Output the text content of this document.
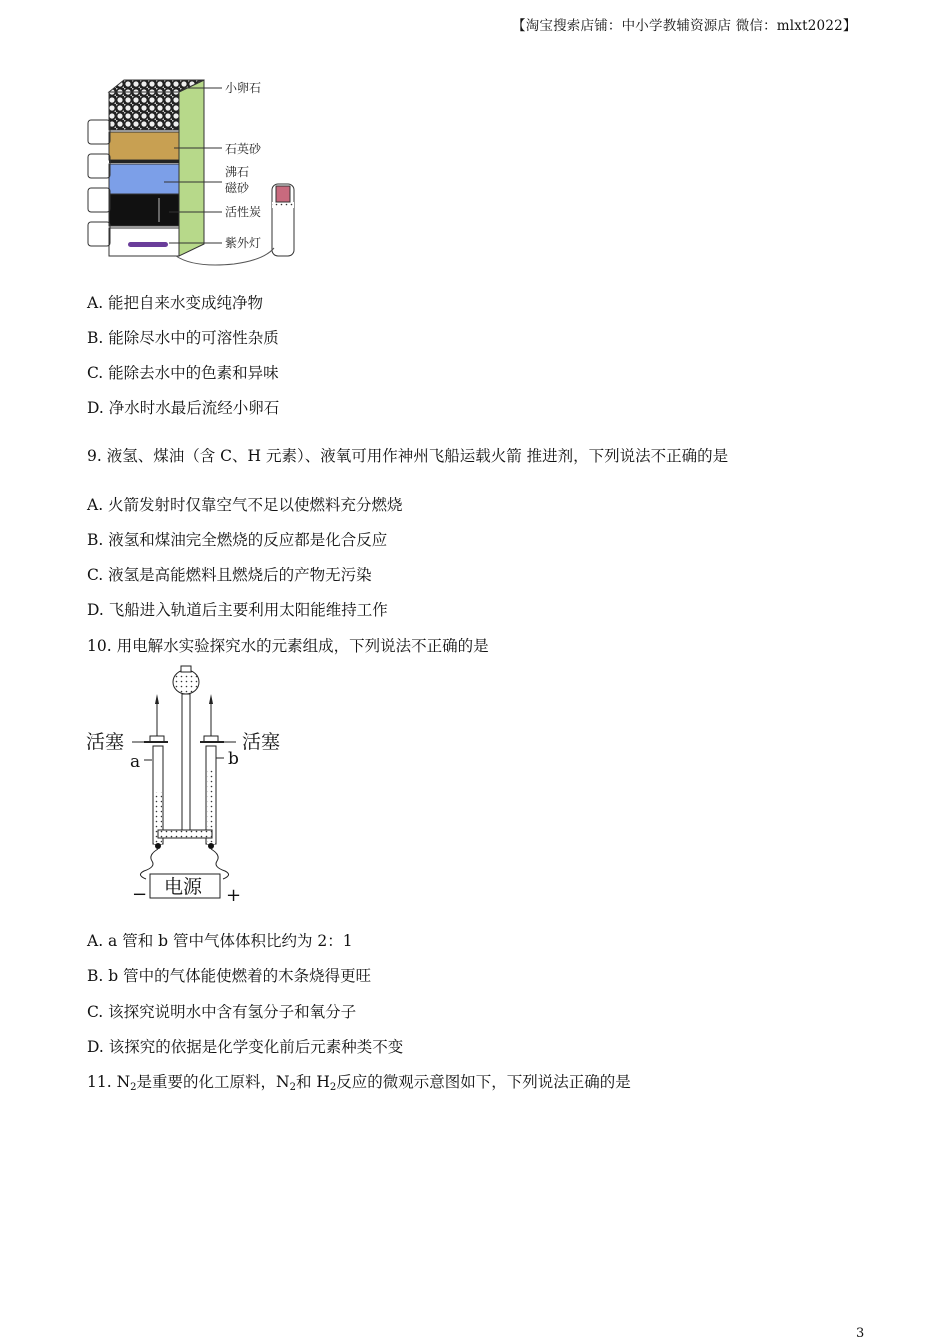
【淘宝搜索店铺：中小学教辅资源店 微信：mlxt2022】
小卵石
石英砂
沸石
磁砂
活性炭
紫外灯
A. 能把自来水变成纯净物
B. 能除尽水中的可溶性杂质
C. 能除去水中的色素和异味
D. 净水时水最后流经小卵石
9. 液氢、煤油（含 C、H 元素）、液氧可用作神州飞船运载火箭 推进剂，下列说法不正确的是
A. 火箭发射时仅靠空气不足以使燃料充分燃烧
B. 液氢和煤油完全燃烧的反应都是化合反应
C. 液氢是高能燃料且燃烧后的产物无污染
D. 飞船进入轨道后主要利用太阳能维持工作
10. 用电解水实验探究水的元素组成，下列说法不正确的是
活塞	活塞
a	b
电源
−	+
A. a 管和 b 管中气体体积比约为 2：1
B. b 管中的气体能使燃着的木条烧得更旺
C. 该探究说明水中含有氢分子和氧分子
D. 该探究的依据是化学变化前后元素种类不变
11. $N_2$是重要的化工原料，$N_2$和 $H_2$反应的微观示意图如下，下列说法正确的是
3
